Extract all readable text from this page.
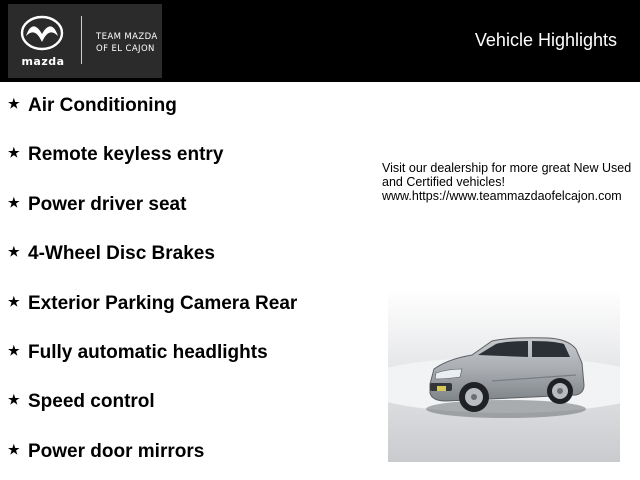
mazda
TEAM MAZDA
OF EL CAJON	Vehicle Highlights
★ Air Conditioning
★ Remote keyless entry
★ Power driver seat
★ 4-Wheel Disc Brakes
★ Exterior Parking Camera Rear
★ Fully automatic headlights
★ Speed control
★ Power door mirrors
Visit our dealership for more great New Used
and Certified vehicles!
www.https://www.teammazdaofelcajon.com
